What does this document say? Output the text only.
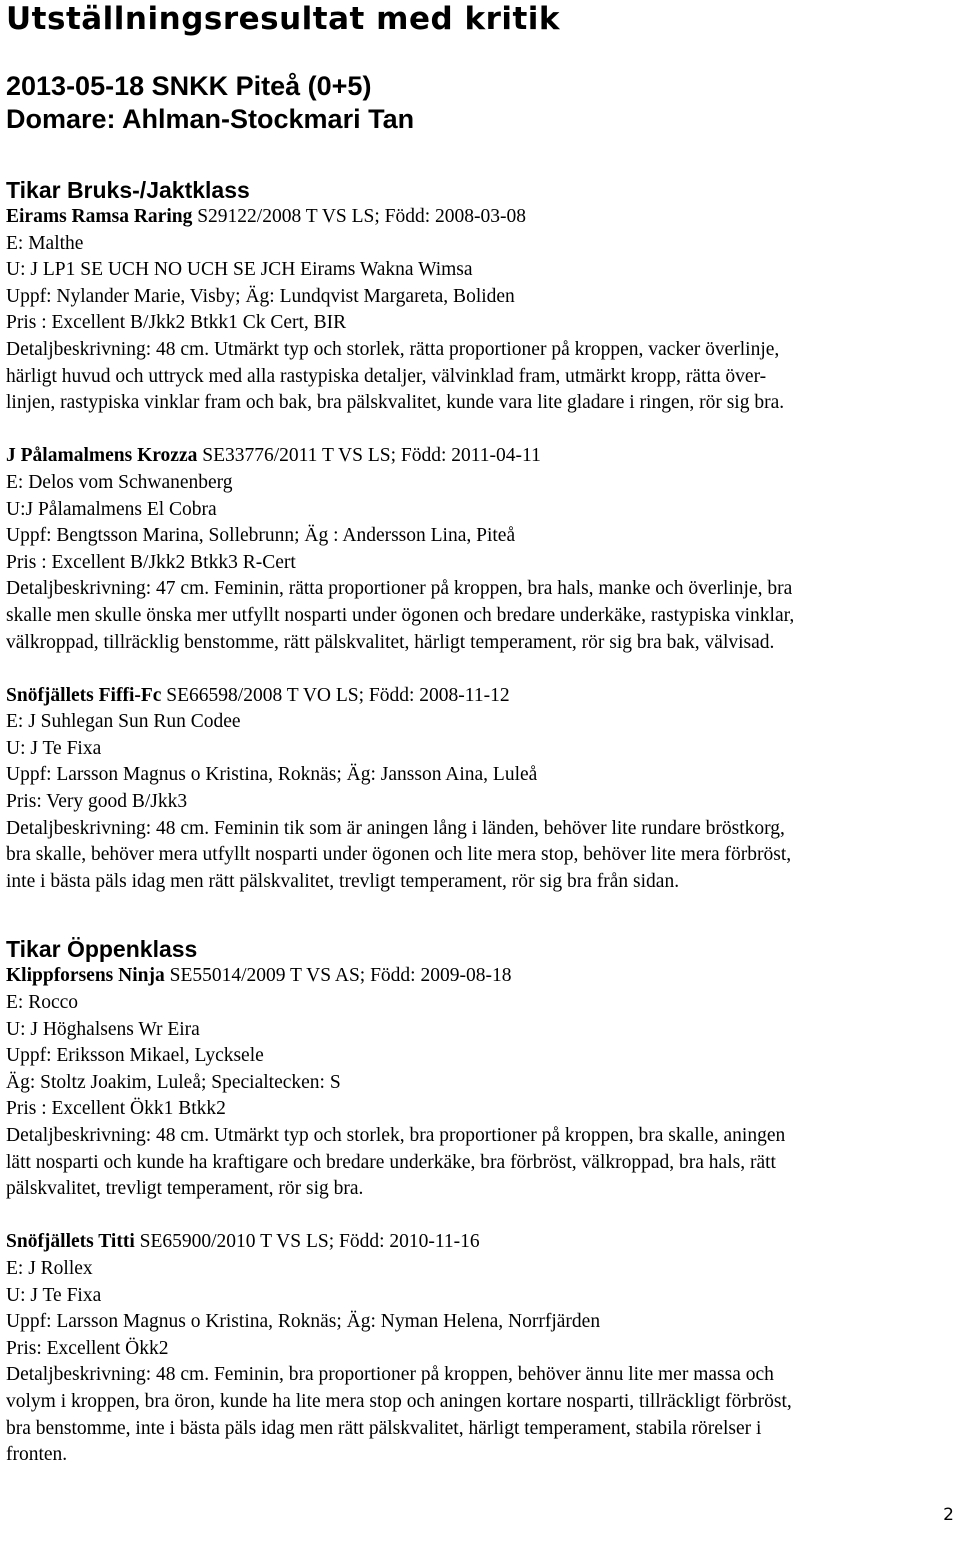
Utställningsresultat med kritik
2013-05-18 SNKK Piteå (0+5)
Domare: Ahlman-Stockmari Tan
Tikar Bruks-/Jaktklass
Eirams Ramsa Raring S29122/2008 T VS LS; Född: 2008-03-08
E: Malthe
U: J LP1 SE UCH NO UCH SE JCH Eirams Wakna Wimsa
Uppf: Nylander Marie, Visby; Äg: Lundqvist Margareta, Boliden
Pris : Excellent B/Jkk2 Btkk1 Ck Cert, BIR
Detaljbeskrivning: 48 cm. Utmärkt typ och storlek, rätta proportioner på kroppen, vacker överlinje,
härligt huvud och uttryck med alla rastypiska detaljer, välvinklad fram, utmärkt kropp, rätta över-
linjen, rastypiska vinklar fram och bak, bra pälskvalitet, kunde vara lite gladare i ringen, rör sig bra.
J Pålamalmens Krozza SE33776/2011 T VS LS; Född: 2011-04-11
E: Delos vom Schwanenberg
U:J Pålamalmens El Cobra
Uppf: Bengtsson Marina, Sollebrunn; Äg : Andersson Lina, Piteå
Pris : Excellent B/Jkk2 Btkk3 R-Cert
Detaljbeskrivning: 47 cm. Feminin, rätta proportioner på kroppen, bra hals, manke och överlinje, bra
skalle men skulle önska mer utfyllt nosparti under ögonen och bredare underkäke, rastypiska vinklar,
välkroppad, tillräcklig benstomme, rätt pälskvalitet, härligt temperament, rör sig bra bak, välvisad.
Snöfjällets Fiffi-Fc SE66598/2008 T VO LS; Född: 2008-11-12
E: J Suhlegan Sun Run Codee
U: J Te Fixa
Uppf: Larsson Magnus o Kristina, Roknäs; Äg: Jansson Aina, Luleå
Pris: Very good B/Jkk3
Detaljbeskrivning: 48 cm. Feminin tik som är aningen lång i länden, behöver lite rundare bröstkorg,
bra skalle, behöver mera utfyllt nosparti under ögonen och lite mera stop, behöver lite mera förbröst,
inte i bästa päls idag men rätt pälskvalitet, trevligt temperament, rör sig bra från sidan.
Tikar Öppenklass
Klippforsens Ninja SE55014/2009 T VS AS; Född: 2009-08-18
E: Rocco
U: J Höghalsens Wr Eira
Uppf: Eriksson Mikael, Lycksele
Äg: Stoltz Joakim, Luleå; Specialtecken: S
Pris : Excellent Ökk1 Btkk2
Detaljbeskrivning: 48 cm. Utmärkt typ och storlek, bra proportioner på kroppen, bra skalle, aningen
lätt nosparti och kunde ha kraftigare och bredare underkäke, bra förbröst, välkroppad, bra hals, rätt
pälskvalitet, trevligt temperament, rör sig bra.
Snöfjällets Titti SE65900/2010 T VS LS; Född: 2010-11-16
E: J Rollex
U: J Te Fixa
Uppf: Larsson Magnus o Kristina, Roknäs; Äg: Nyman Helena, Norrfjärden
Pris: Excellent Ökk2
Detaljbeskrivning: 48 cm. Feminin, bra proportioner på kroppen, behöver ännu lite mer massa och
volym i kroppen, bra öron, kunde ha lite mera stop och aningen kortare nosparti, tillräckligt förbröst,
bra benstomme, inte i bästa päls idag men rätt pälskvalitet, härligt temperament, stabila rörelser i
fronten.
2
